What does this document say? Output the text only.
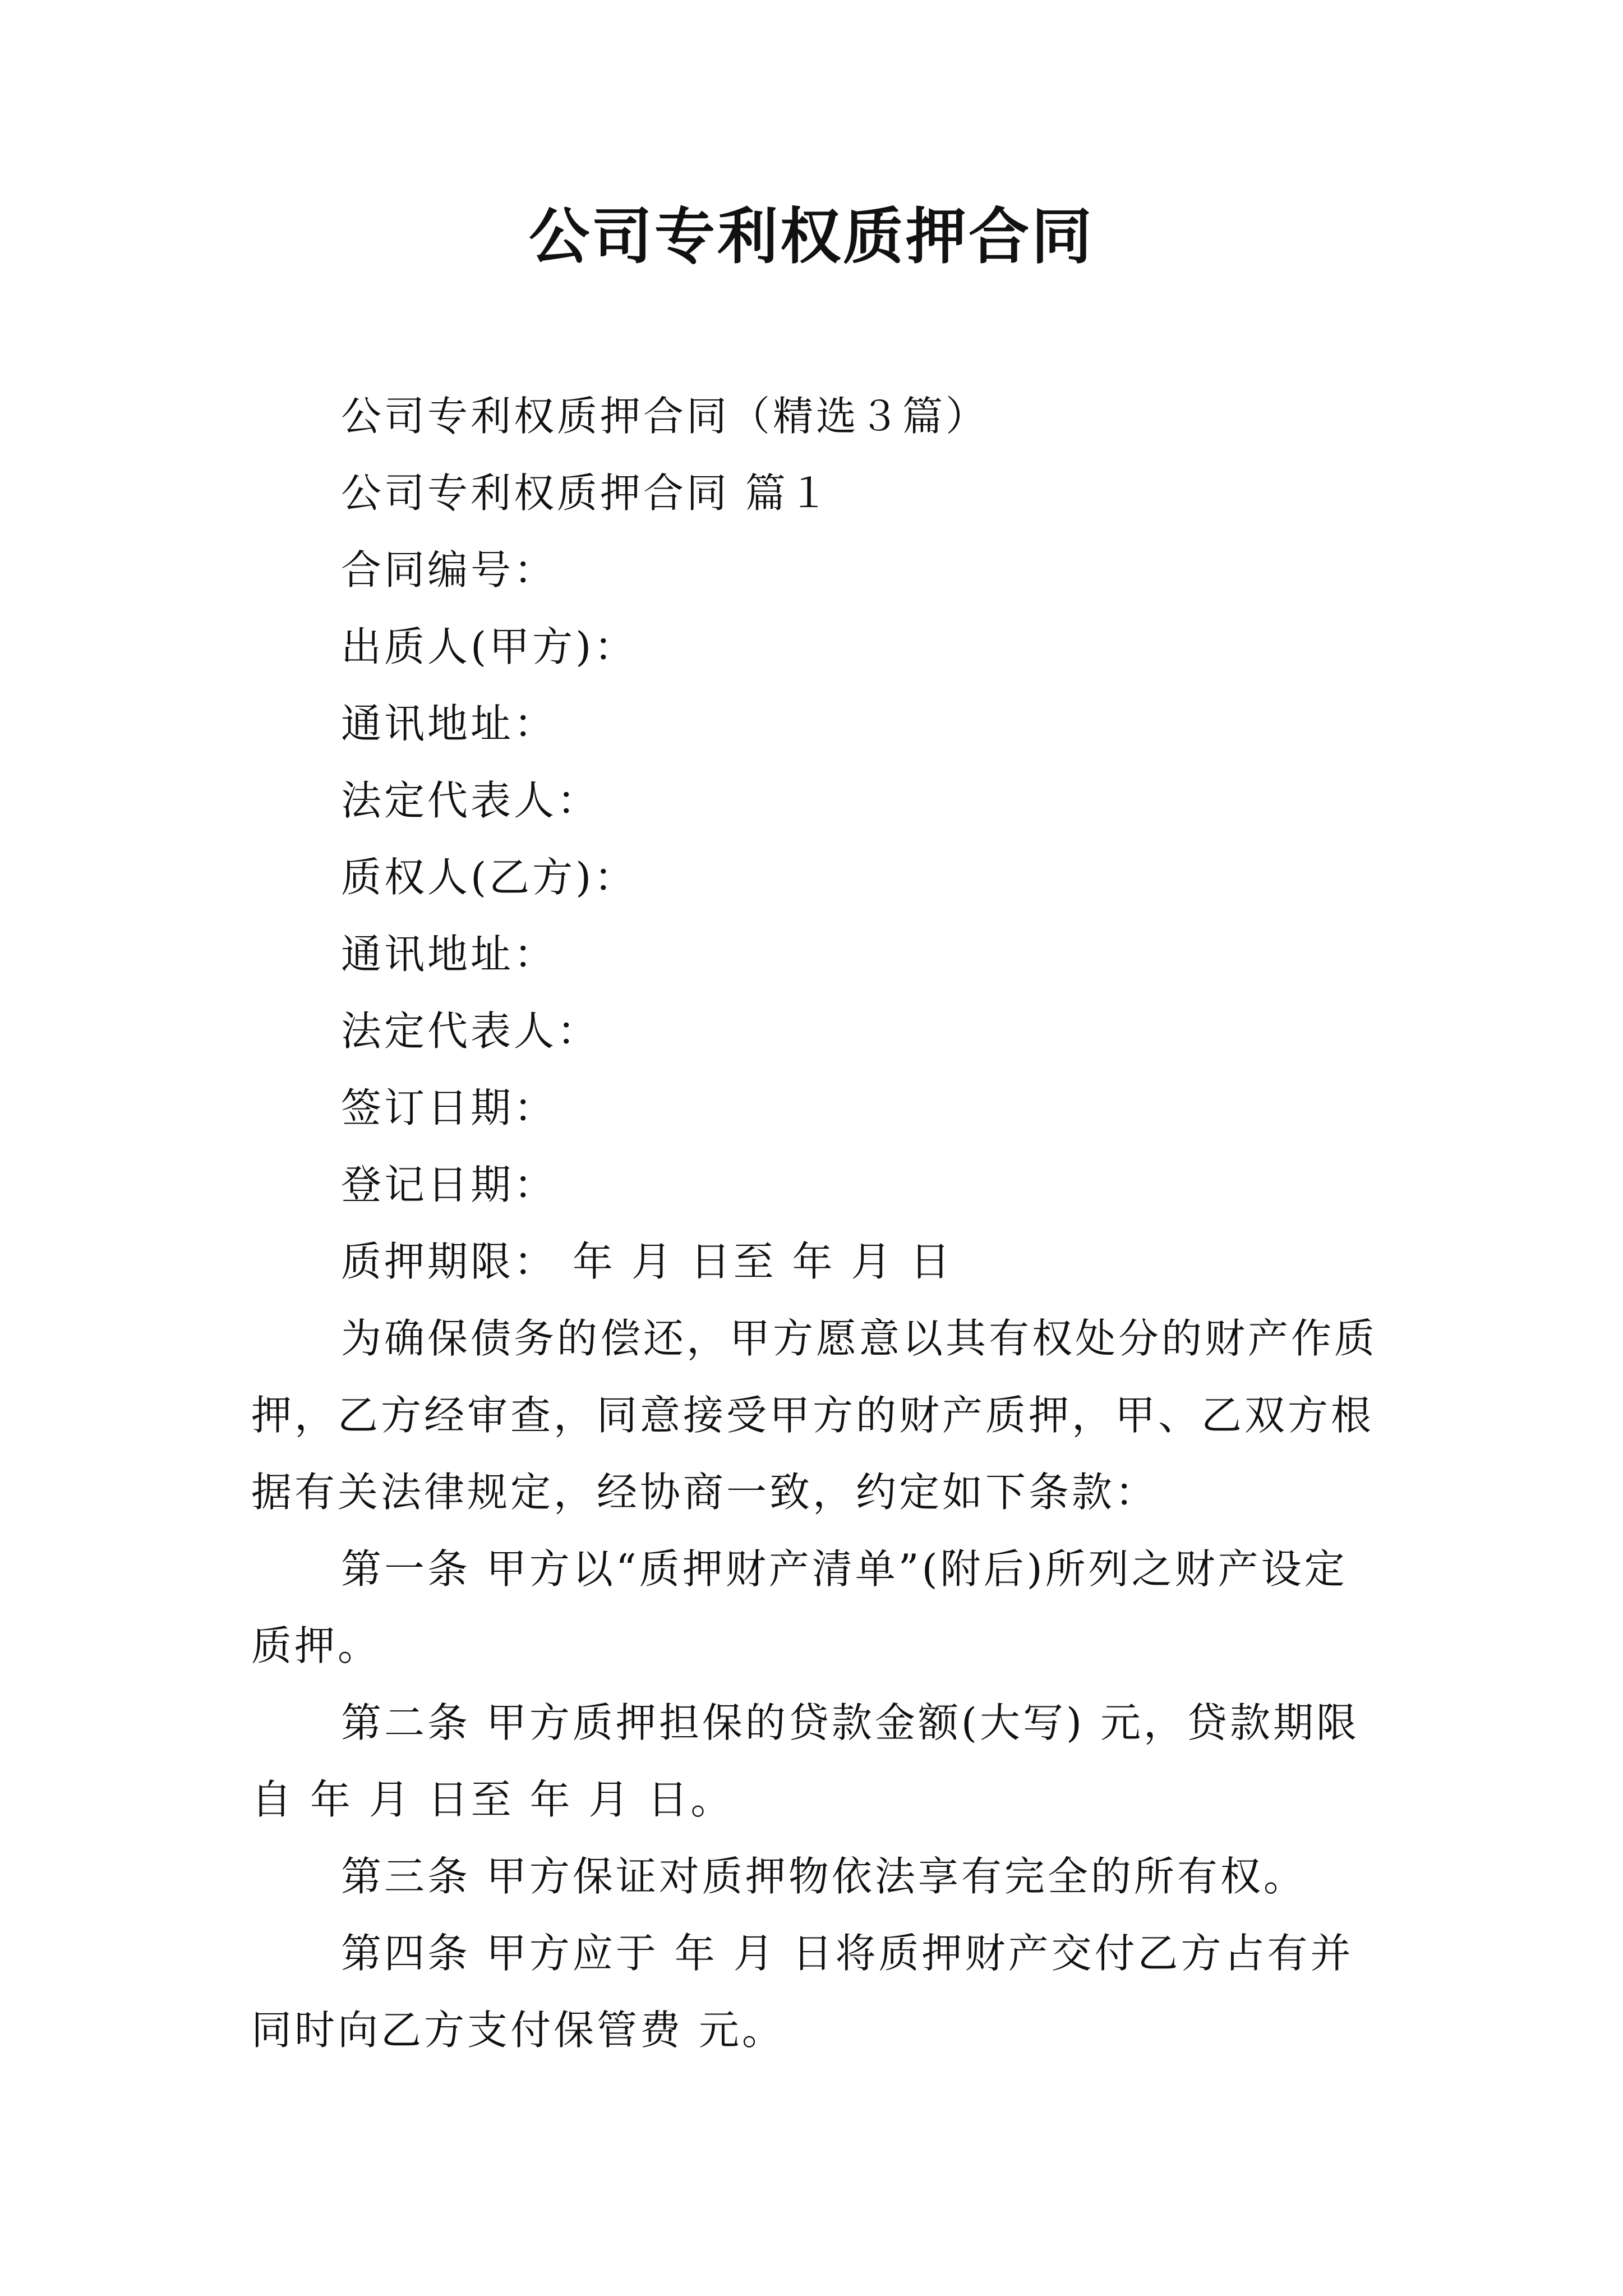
公司专利权质押合同

公司专利权质押合同（精选３篇）

公司专利权质押合同 篇１

合同编号：

出质人(甲方)：

通讯地址：

法定代表人：

质权人(乙方)：

通讯地址：

法定代表人：

签订日期：

登记日期：

质押期限： 年 月 日至 年 月 日

为确保债务的偿还，甲方愿意以其有权处分的财产作质押，乙方经审查，同意接受甲方的财产质押，甲、乙双方根据有关法律规定，经协商一致，约定如下条款：

第一条 甲方以“质押财产清单”(附后)所列之财产设定质押。

第二条 甲方质押担保的贷款金额(大写) 元，贷款期限自 年 月 日至 年 月 日。

第三条 甲方保证对质押物依法享有完全的所有权。

第四条 甲方应于 年 月 日将质押财产交付乙方占有并同时向乙方支付保管费 元。
